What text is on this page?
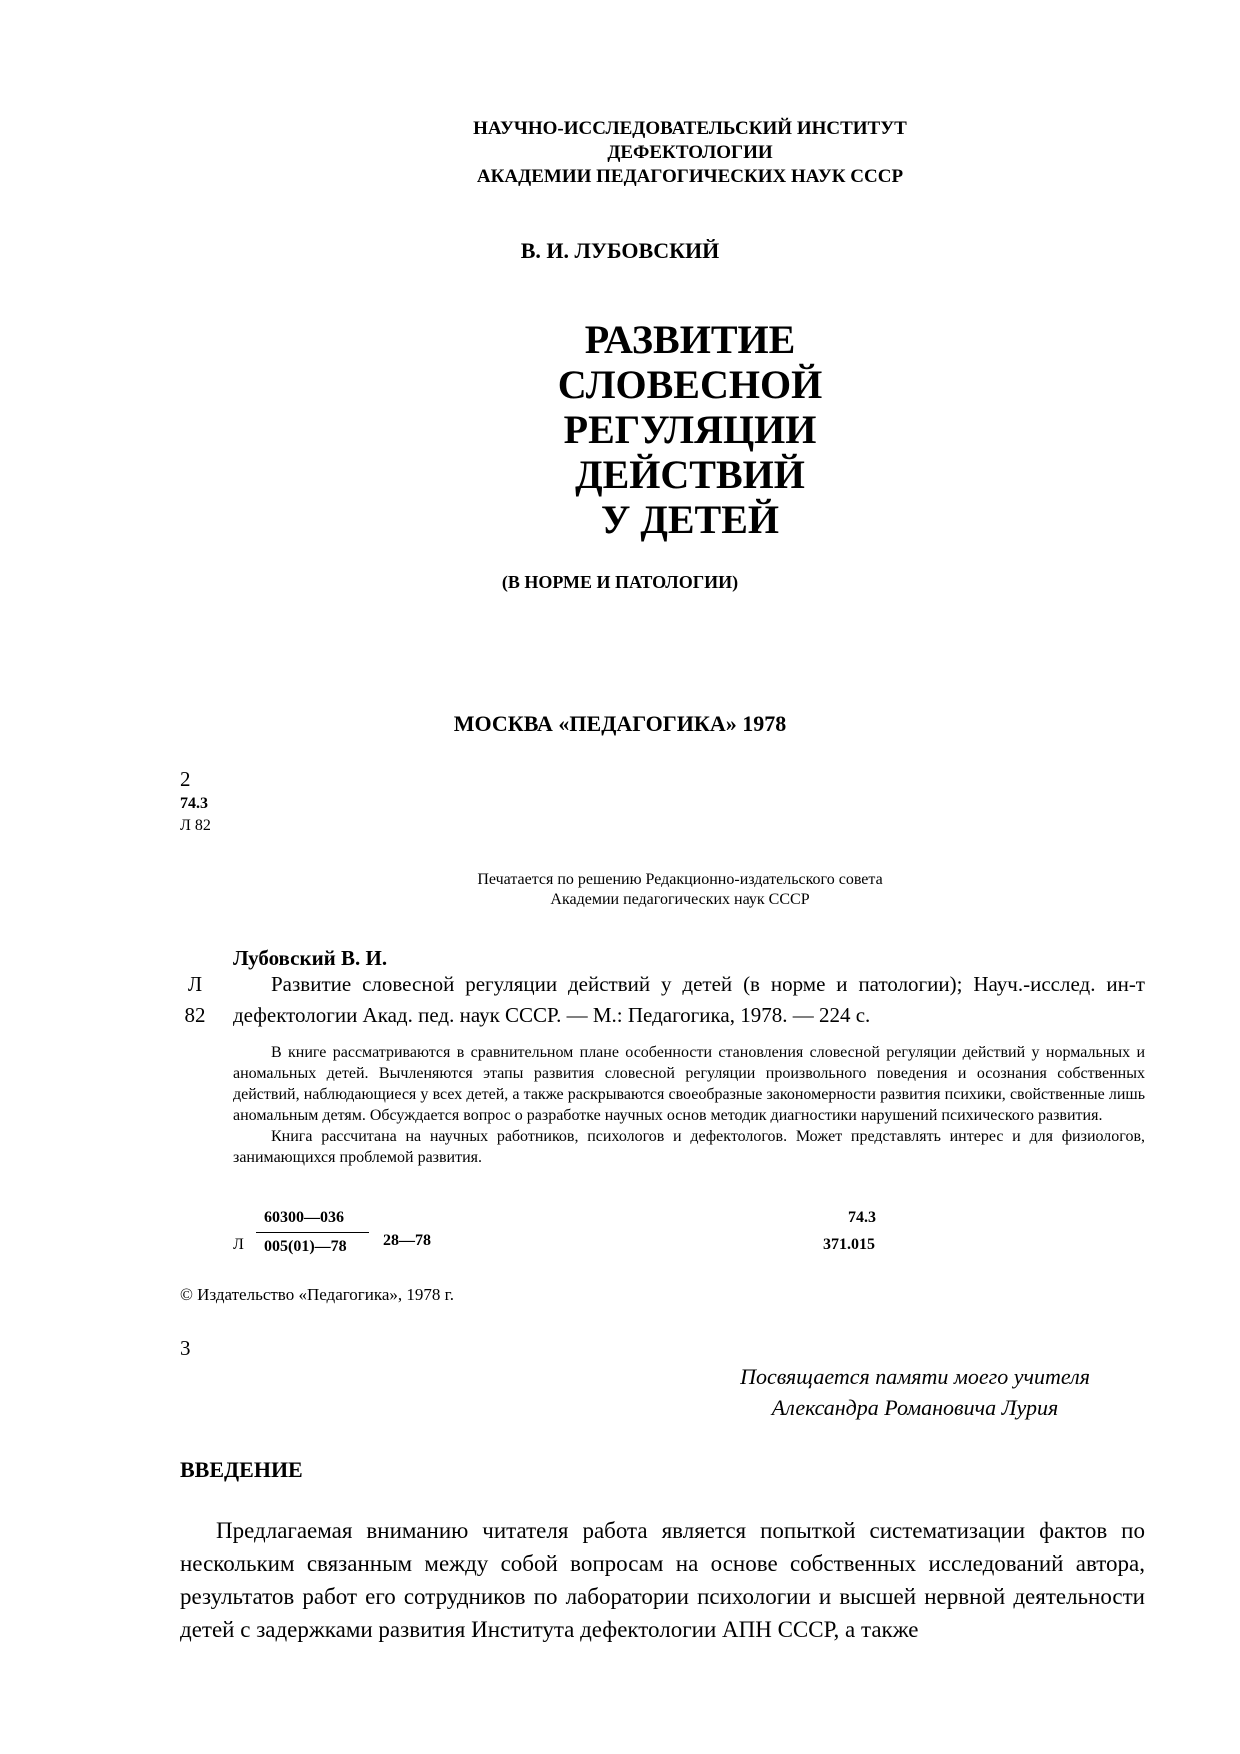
НАУЧНО-ИССЛЕДОВАТЕЛЬСКИЙ ИНСТИТУТ
ДЕФЕКТОЛОГИИ
АКАДЕМИИ ПЕДАГОГИЧЕСКИХ НАУК СССР
В. И. ЛУБОВСКИЙ
РАЗВИТИЕ
СЛОВЕСНОЙ
РЕГУЛЯЦИИ
ДЕЙСТВИЙ
У ДЕТЕЙ
(В НОРМЕ И ПАТОЛОГИИ)
МОСКВА «ПЕДАГОГИКА» 1978
2
74.3
Л 82
Печатается по решению Редакционно-издательского совета
Академии педагогических наук СССР
Лубовский В. И.
Л
82
Развитие словесной регуляции действий у детей (в норме и патологии); Науч.-исслед. ин-т дефектологии Акад. пед. наук СССР. — М.: Педагогика, 1978. — 224 с.

В книге рассматриваются в сравнительном плане особенности становления словесной регуляции действий у нормальных и аномальных детей. Вычленяются этапы развития словесной регуляции произвольного поведения и осознания собственных действий, наблюдающиеся у всех детей, а также раскрываются своеобразные закономерности развития психики, свойственные лишь аномальным детям. Обсуждается вопрос о разработке научных основ методик диагностики нарушений психического развития.

Книга рассчитана на научных работников, психологов и дефектологов. Может представлять интерес и для физиологов, занимающихся проблемой развития.

60300—036
Л 005(01)—78 28—78
74.3
371.015
© Издательство «Педагогика», 1978 г.
3
Посвящается памяти моего учителя
Александра Романовича Лурия
ВВЕДЕНИЕ
Предлагаемая вниманию читателя работа является попыткой систематизации фактов по нескольким связанным между собой вопросам на основе собственных исследований автора, результатов работ его сотрудников по лаборатории психологии и высшей нервной деятельности детей с задержками развития Института дефектологии АПН СССР, а также
